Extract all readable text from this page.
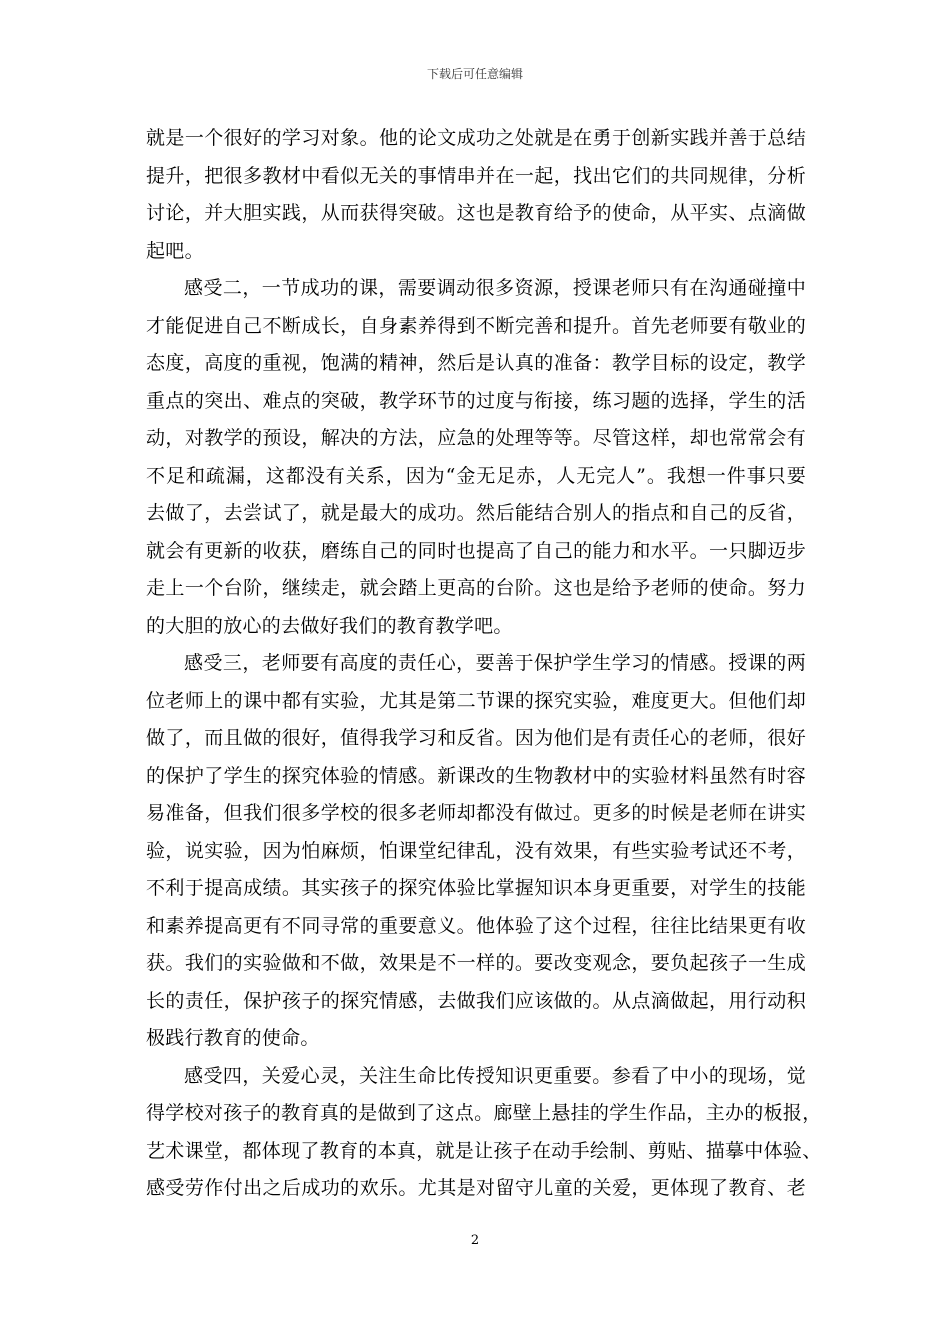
下载后可任意编辑
就是一个很好的学习对象。他的论文成功之处就是在勇于创新实践并善于总结
提升，把很多教材中看似无关的事情串并在一起，找出它们的共同规律，分析
讨论，并大胆实践，从而获得突破。这也是教育给予的使命，从平实、点滴做
起吧。
感受二，一节成功的课，需要调动很多资源，授课老师只有在沟通碰撞中
才能促进自己不断成长，自身素养得到不断完善和提升。首先老师要有敬业的
态度，高度的重视，饱满的精神，然后是认真的准备：教学目标的设定，教学
重点的突出、难点的突破，教学环节的过度与衔接，练习题的选择，学生的活
动，对教学的预设，解决的方法，应急的处理等等。尽管这样，却也常常会有
不足和疏漏，这都没有关系，因为“金无足赤，人无完人”。我想一件事只要
去做了，去尝试了，就是最大的成功。然后能结合别人的指点和自己的反省，
就会有更新的收获，磨练自己的同时也提高了自己的能力和水平。一只脚迈步
走上一个台阶，继续走，就会踏上更高的台阶。这也是给予老师的使命。努力
的大胆的放心的去做好我们的教育教学吧。
感受三，老师要有高度的责任心，要善于保护学生学习的情感。授课的两
位老师上的课中都有实验，尤其是第二节课的探究实验，难度更大。但他们却
做了，而且做的很好，值得我学习和反省。因为他们是有责任心的老师，很好
的保护了学生的探究体验的情感。新课改的生物教材中的实验材料虽然有时容
易准备，但我们很多学校的很多老师却都没有做过。更多的时候是老师在讲实
验，说实验，因为怕麻烦，怕课堂纪律乱，没有效果，有些实验考试还不考，
不利于提高成绩。其实孩子的探究体验比掌握知识本身更重要，对学生的技能
和素养提高更有不同寻常的重要意义。他体验了这个过程，往往比结果更有收
获。我们的实验做和不做，效果是不一样的。要改变观念，要负起孩子一生成
长的责任，保护孩子的探究情感，去做我们应该做的。从点滴做起，用行动积
极践行教育的使命。
感受四，关爱心灵，关注生命比传授知识更重要。参看了中小的现场，觉
得学校对孩子的教育真的是做到了这点。廊壁上悬挂的学生作品，主办的板报，
艺术课堂，都体现了教育的本真，就是让孩子在动手绘制、剪贴、描摹中体验、
感受劳作付出之后成功的欢乐。尤其是对留守儿童的关爱，更体现了教育、老
2
